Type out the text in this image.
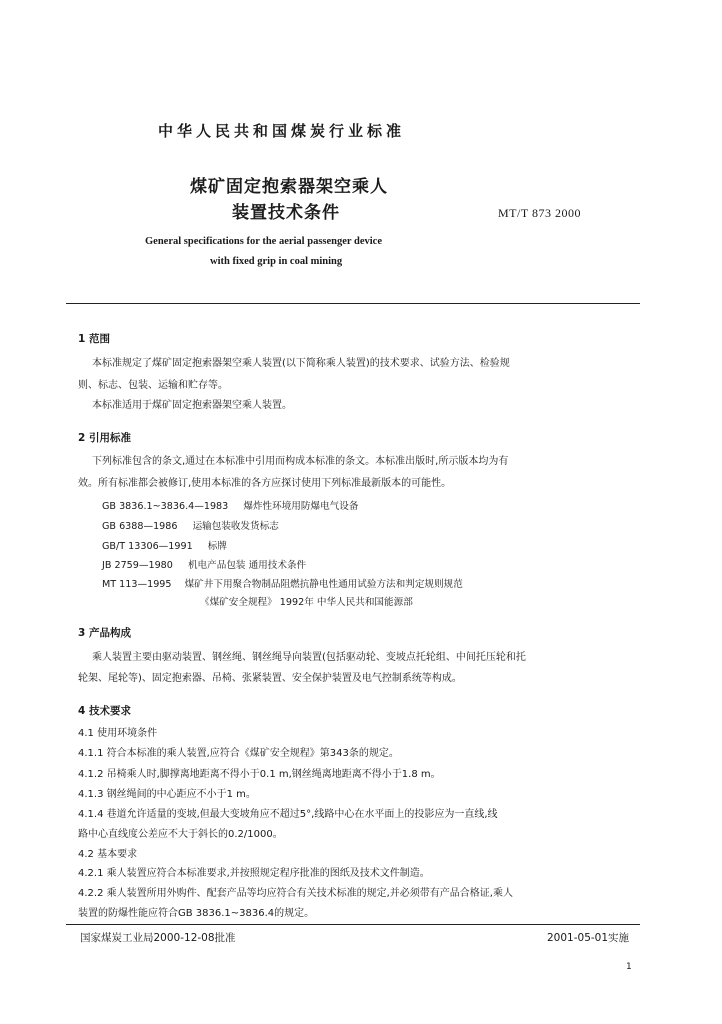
中华人民共和国煤炭行业标准
煤矿固定抱索器架空乘人
装置技术条件	MT/T 873 2000
General specifications for the aerial passenger device
with fixed grip in coal mining
1 范围
本标准规定了煤矿固定抱索器架空乘人装置(以下简称乘人装置)的技术要求、试验方法、检验规
则、标志、包装、运输和贮存等。
本标准适用于煤矿固定抱索器架空乘人装置。
2 引用标准
下列标准包含的条文,通过在本标准中引用而构成本标准的条文。本标准出版时,所示版本均为有
效。所有标准都会被修订,使用本标准的各方应探讨使用下列标准最新版本的可能性。
GB 3836.1~3836.4—1983 爆炸性环境用防爆电气设备
GB 6388—1986 运输包装收发货标志
GB/T 13306—1991 标牌
JB 2759—1980 机电产品包装 通用技术条件
MT 113—1995 煤矿井下用聚合物制品阻燃抗静电性通用试验方法和判定规则规范
《煤矿安全规程》 1992年 中华人民共和国能源部
3 产品构成
乘人装置主要由驱动装置、钢丝绳、钢丝绳导向装置(包括驱动轮、变坡点托轮组、中间托压轮和托
轮架、尾轮等)、固定抱索器、吊椅、张紧装置、安全保护装置及电气控制系统等构成。
4 技术要求
4.1 使用环境条件
4.1.1 符合本标准的乘人装置,应符合《煤矿安全规程》第343条的规定。
4.1.2 吊椅乘人时,脚撑离地距离不得小于0.1 m,钢丝绳离地距离不得小于1.8 m。
4.1.3 钢丝绳间的中心距应不小于1 m。
4.1.4 巷道允许适量的变坡,但最大变坡角应不超过5°,线路中心在水平面上的投影应为一直线,线
路中心直线度公差应不大于斜长的0.2/1000。
4.2 基本要求
4.2.1 乘人装置应符合本标准要求,并按照规定程序批准的图纸及技术文件制造。
4.2.2 乘人装置所用外购件、配套产品等均应符合有关技术标准的规定,并必须带有产品合格证,乘人
装置的防爆性能应符合GB 3836.1~3836.4的规定。
国家煤炭工业局2000-12-08批准	2001-05-01实施
1
